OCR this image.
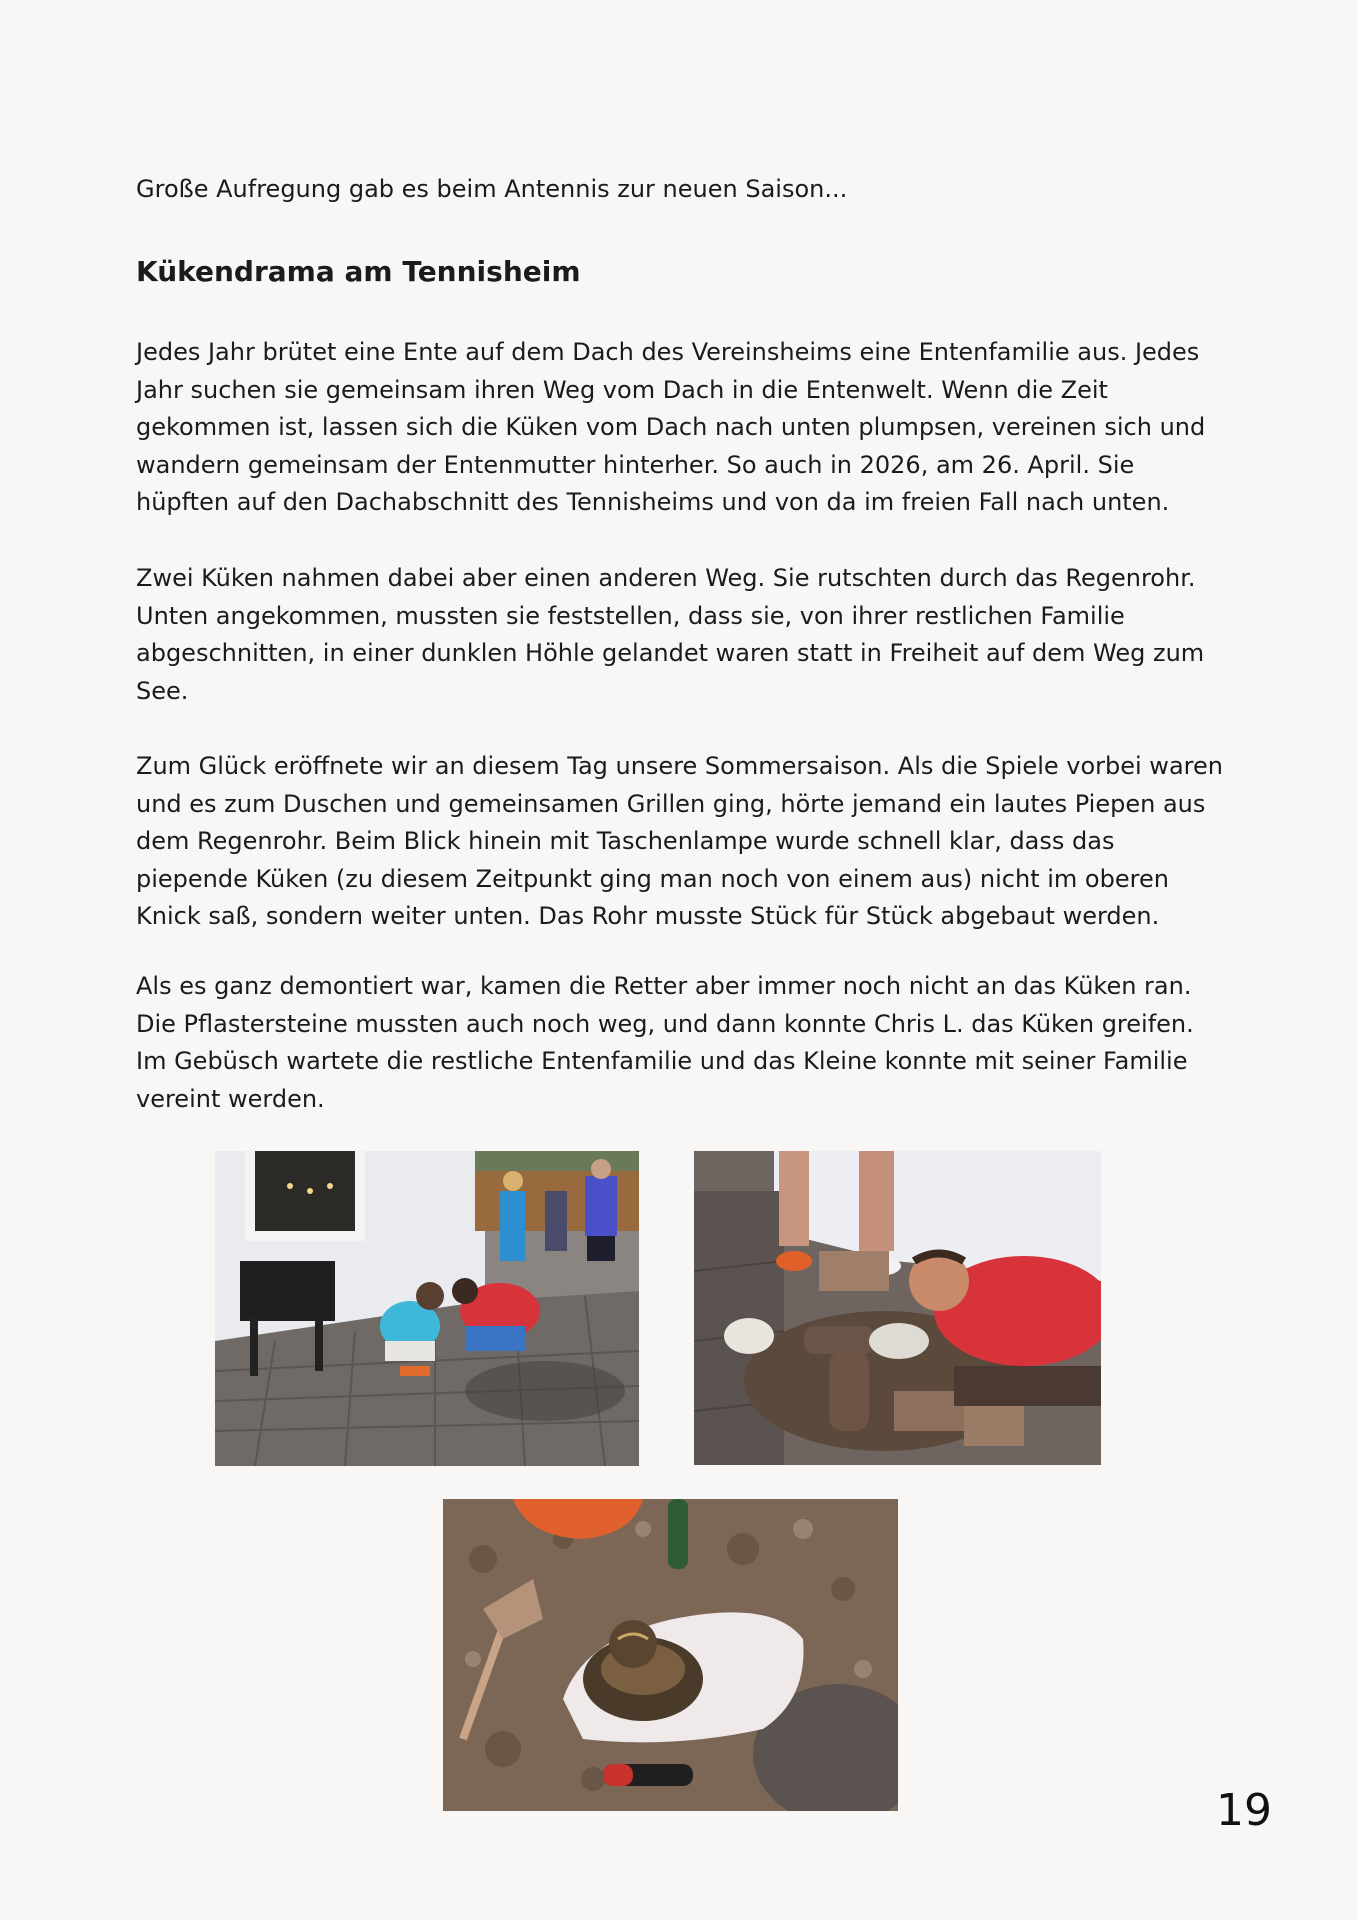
Große Aufregung gab es beim Antennis zur neuen Saison...

Kükendrama am Tennisheim

Jedes Jahr brütet eine Ente auf dem Dach des Vereinsheims eine Entenfamilie aus. Jedes Jahr suchen sie gemeinsam ihren Weg vom Dach in die Entenwelt. Wenn die Zeit gekommen ist, lassen sich die Küken vom Dach nach unten plumpsen, vereinen sich und wandern gemeinsam der Entenmutter hinterher. So auch in 2026, am 26. April. Sie hüpften auf den Dachabschnitt des Tennisheims und von da im freien Fall nach unten.

Zwei Küken nahmen dabei aber einen anderen Weg. Sie rutschten durch das Regenrohr. Unten angekommen, mussten sie feststellen, dass sie, von ihrer restlichen Familie abgeschnitten, in einer dunklen Höhle gelandet waren statt in Freiheit auf dem Weg zum See.

Zum Glück eröffnete wir an diesem Tag unsere Sommersaison. Als die Spiele vorbei waren und es zum Duschen und gemeinsamen Grillen ging, hörte jemand ein lautes Piepen aus dem Regenrohr. Beim Blick hinein mit Taschenlampe wurde schnell klar, dass das piepende Küken (zu diesem Zeitpunkt ging man noch von einem aus) nicht im oberen Knick saß, sondern weiter unten. Das Rohr musste Stück für Stück abgebaut werden.

Als es ganz demontiert war, kamen die Retter aber immer noch nicht an das Küken ran. Die Pflastersteine mussten auch noch weg, und dann konnte Chris L. das Küken greifen. Im Gebüsch wartete die restliche Entenfamilie und das Kleine konnte mit seiner Familie vereint werden.

19
